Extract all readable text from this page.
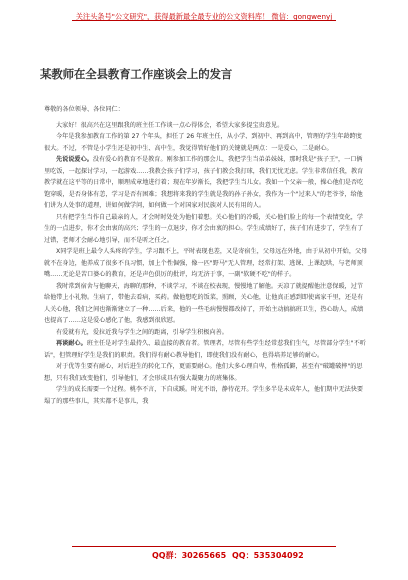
关注头条号"公文研究"，获得最新最全最专业的公文资料库！ 微信：gongwenyj
某教师在全县教育工作座谈会上的发言

尊敬的各位领导、各位同仁：

大家好！很高兴在这里跟我的班主任工作谈一点心得体会，希望大家多提宝贵意见。

今年是我参加教育工作的第 27 个年头，担任了 26 年班主任，从小学、到初中、再到高中，管理的学生年龄跨度很大。不过，不管是小学生还是初中生、高中生，我觉得管好他们的关键就是两点：一是爱心，二是耐心。

先说说爱心。没有爱心的教育不是教育。刚参加工作的那会儿，我把学生当弟弟妹妹，那时我是"孩子王"，一口俩里吃饭，一起探讨学习，一起游戏……我教会孩子们学习，孩子们教会我打球，我们无忧无虑。学生非常信任我，教育教学就在这平等的日常中，顺理成章地进行着；现在年岁渐长，我把学生当儿女。我如一个父亲一般，操心他们是否吃饱穿暖，是否身体有恙，学习是否有困难；我想将来我的学生就是我的孙子孙女，我作为一个"过来人"的老爷爷，给他们讲为人处事的道理，讲如何做学问，如何做一个对国家对民族对人民有用的人。

只有把学生当作自己最亲的人，才会时时处处为他们着想。关心他们的冷暖，关心他们脸上的每一个表情变化，学生的一点进步，你才会由衷的高兴；学生的一点退步，你才会由衷的担心。学生成绩好了，孩子们有进步了，学生有了过错，老师才会耐心地引导，而不是听之任之。

X同学是班上最令人头疼的学生，学习跟不上，平时表现也差，又是寄宿生，父母远在外地，由于从初中开始，父母就不在身边，他养成了很多不良习惯，加上个性倔强，像一匹"野马"无人管理，经常打架、逃课、上课起哄，与老师顶嘴……无论是苦口婆心的教育，还是声色俱厉的批评，均无济于事，一副"软硬不吃"的样子。

我时常到宿舍与他聊天，海聊的那种，不谈学习，不谈在校表现，慢慢地了解他。天凉了就提醒他注意保暖，过节给他带上小礼物。生病了，带他去看病，买药。做他想吃的饭菜，照顾，关心他，让他真正感到即使离家千里，还是有人关心他，我们之间也渐渐建立了一种……后来，他的一些毛病慢慢都改掉了，开始主动搞搞班卫生，热心助人，成绩也提高了……这是爱心感化了他，我感到很欣慰。

有爱就有光，爱拉近我与学生之间的距离，引导学生积极向善。

再谈耐心。班主任是对学生最持久、最直接的教育者。管理者，尽管有些学生经常惹我们生气，尽管部分学生"不听话"，但管理好学生是我们的职责。我们得有耐心教导他们，即使我们没有耐心，也得培养足够的耐心。

对于优等生要有耐心，对后进生的转化工作，更需要耐心。他们大多心理自卑，性格孤僻，甚至有"破罐破摔"的思想，只有我们改变他们，引导他们，才会形成具有强大凝聚力的班集体。

学生的成长需要一个过程。桃李不言，下自成蹊。时光不语，静待花开。学生多半是未成年人，他们期中无法快要塌了的那些事儿，其实都不是事儿，我

QQ群：30265665 QQ：535304092
